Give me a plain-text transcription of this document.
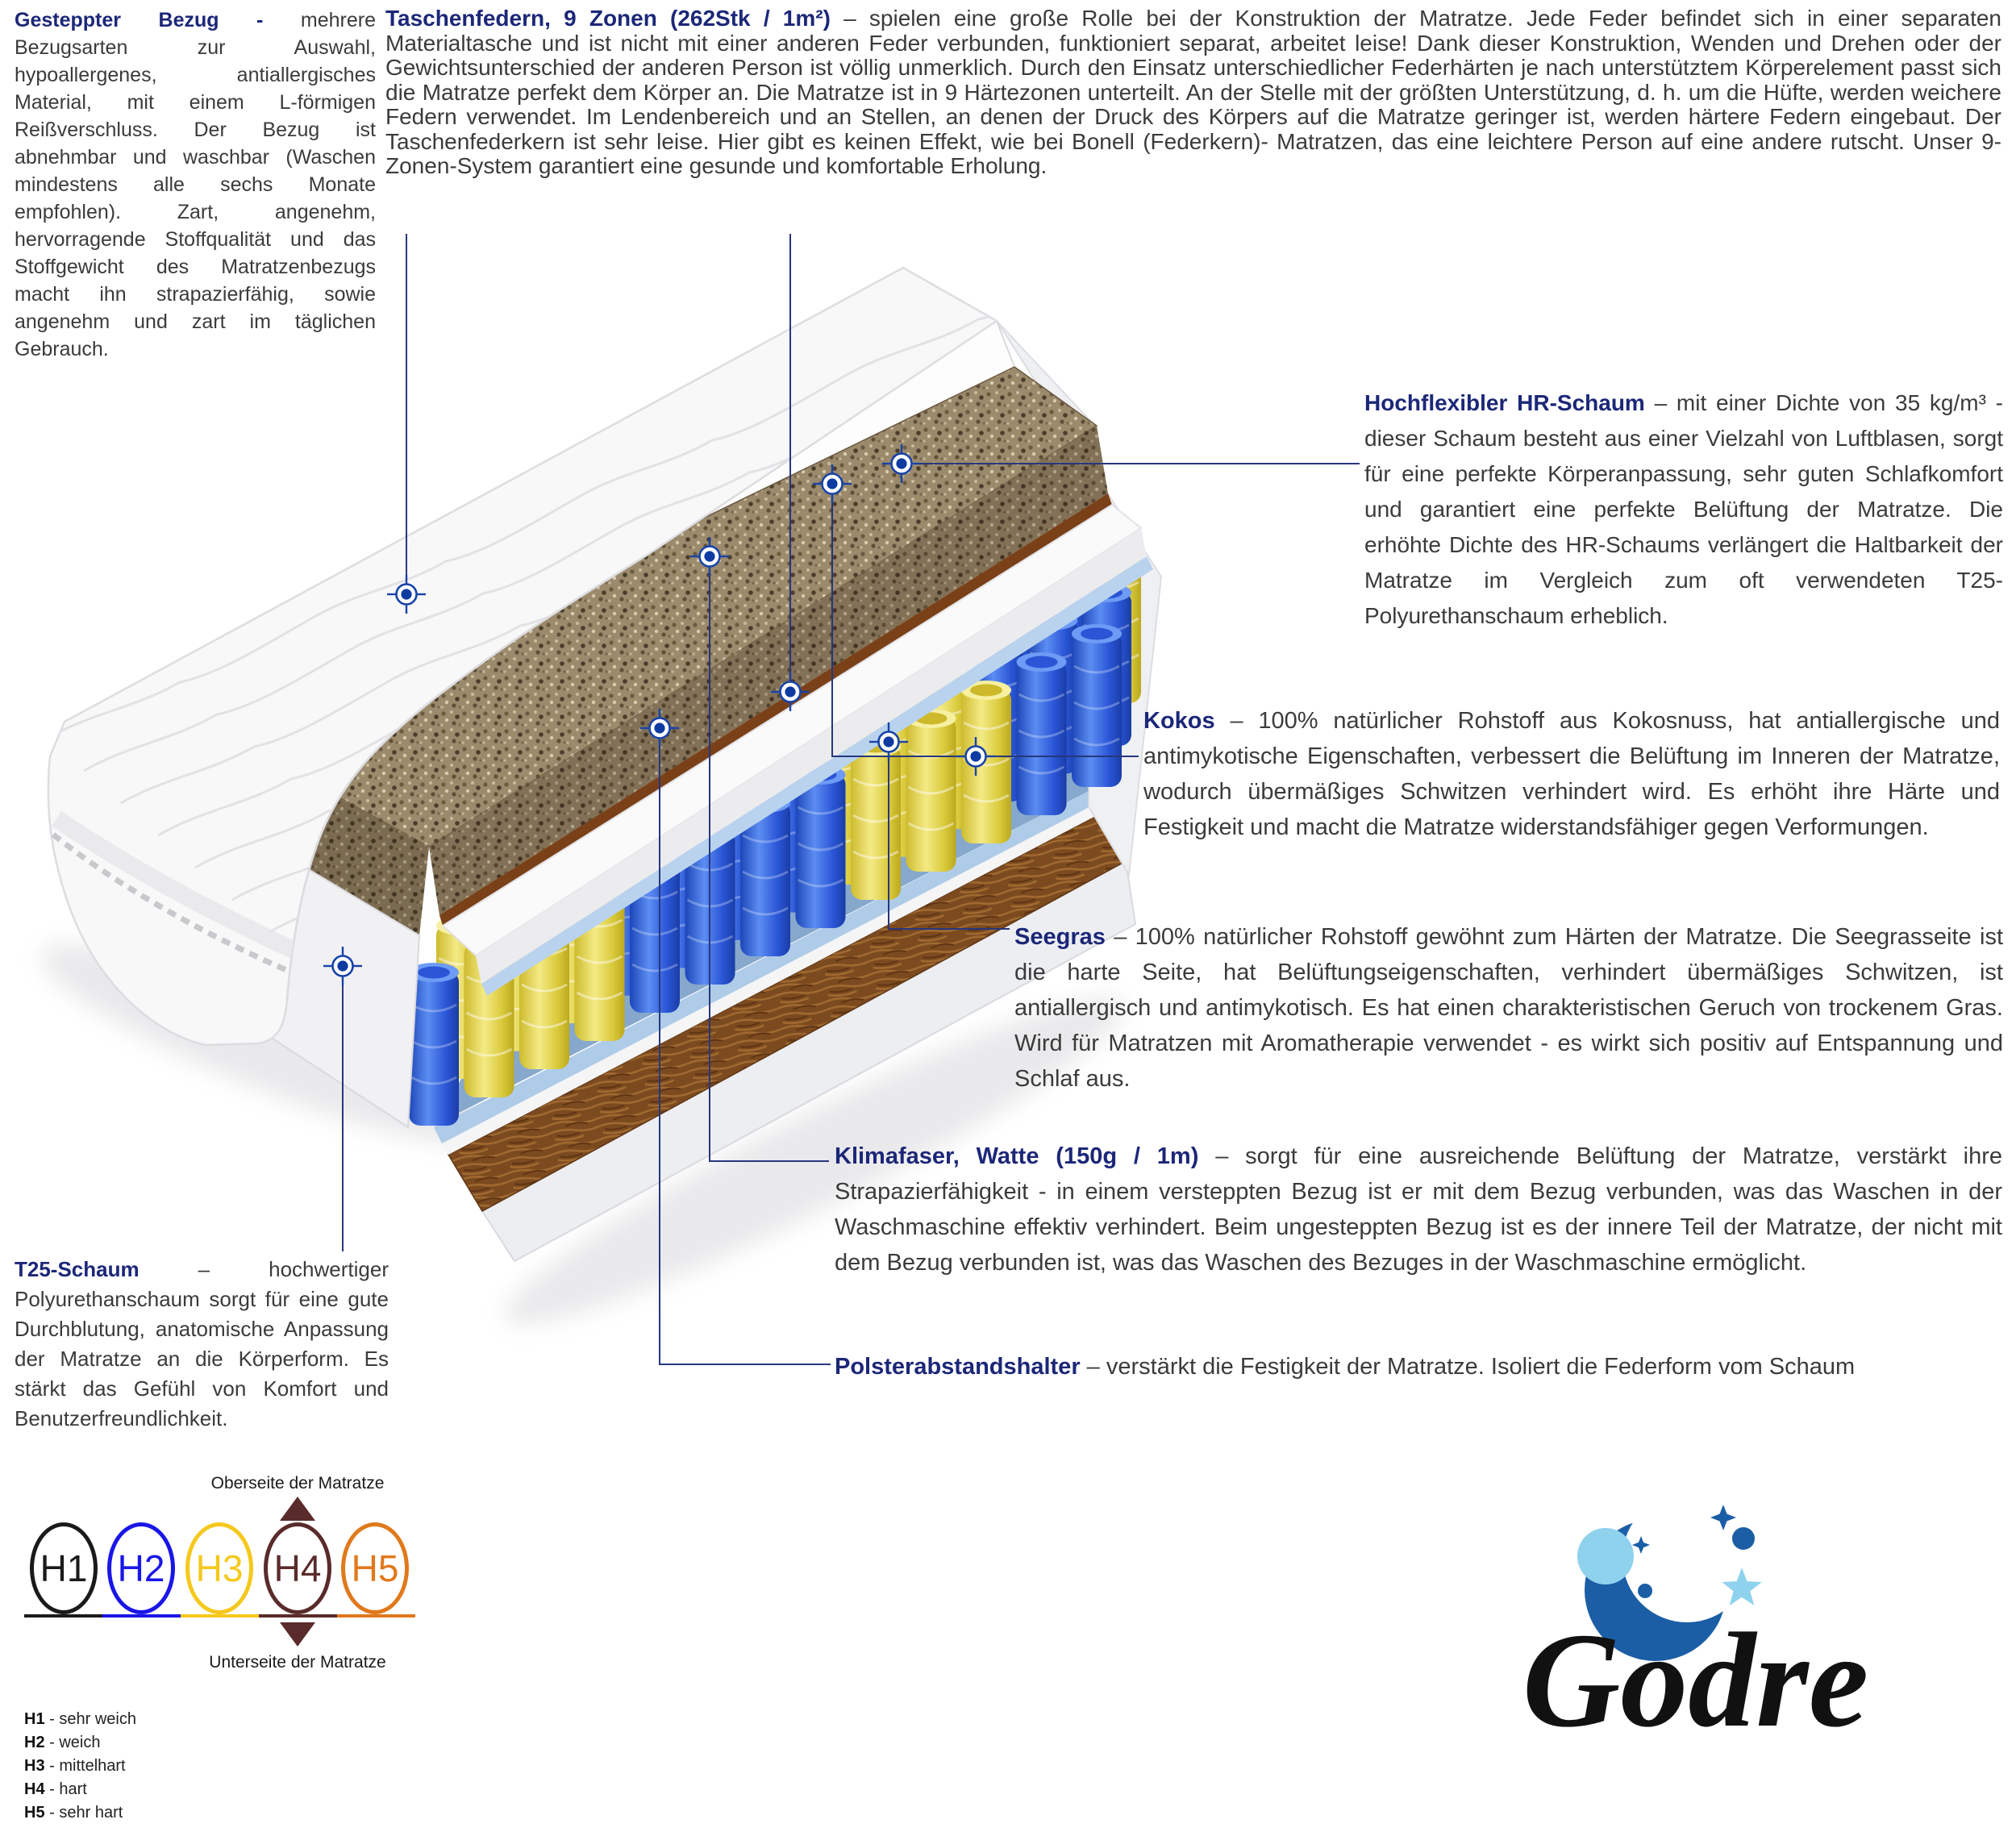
Godre
Gesteppter Bezug - mehrere Bezugsarten zur Auswahl, hypoallergenes, antiallergisches Material, mit einem L-förmigen Reißverschluss. Der Bezug ist abnehmbar und waschbar (Waschen mindestens alle sechs Monate empfohlen). Zart, angenehm, hervorragende Stoffqualität und das Stoffgewicht des Matratzenbezugs macht ihn strapazierfähig, sowie angenehm und zart im täglichen Gebrauch.
Taschenfedern, 9 Zonen (262Stk / 1m²) – spielen eine große Rolle bei der Konstruktion der Matratze. Jede Feder befindet sich in einer separaten Materialtasche und ist nicht mit einer anderen Feder verbunden, funktioniert separat, arbeitet leise! Dank dieser Konstruktion, Wenden und Drehen oder der Gewichtsunterschied der anderen Person ist völlig unmerklich. Durch den Einsatz unterschiedlicher Federhärten je nach unterstütztem Körperelement passt sich die Matratze perfekt dem Körper an. Die Matratze ist in 9 Härtezonen unterteilt. An der Stelle mit der größten Unterstützung, d. h. um die Hüfte, werden weichere Federn verwendet. Im Lendenbereich und an Stellen, an denen der Druck des Körpers auf die Matratze geringer ist, werden härtere Federn eingebaut. Der Taschenfederkern ist sehr leise. Hier gibt es keinen Effekt, wie bei Bonell (Federkern)- Matratzen, das eine leichtere Person auf eine andere rutscht. Unser 9-Zonen-System garantiert eine gesunde und komfortable Erholung.
Hochflexibler HR-Schaum – mit einer Dichte von 35 kg/m³ - dieser Schaum besteht aus einer Vielzahl von Luftblasen, sorgt für eine perfekte Körperanpassung, sehr guten Schlafkomfort und garantiert eine perfekte Belüftung der Matratze. Die erhöhte Dichte des HR-Schaums verlängert die Haltbarkeit der Matratze im Vergleich zum oft verwendeten T25-Polyurethanschaum erheblich.
Kokos – 100% natürlicher Rohstoff aus Kokosnuss, hat antiallergische und antimykotische Eigenschaften, verbessert die Belüftung im Inneren der Matratze, wodurch übermäßiges Schwitzen verhindert wird. Es erhöht ihre Härte und Festigkeit und macht die Matratze widerstandsfähiger gegen Verformungen.
Seegras – 100% natürlicher Rohstoff gewöhnt zum Härten der Matratze. Die Seegrasseite ist die harte Seite, hat Belüftungseigenschaften, verhindert übermäßiges Schwitzen, ist antiallergisch und antimykotisch. Es hat einen charakteristischen Geruch von trockenem Gras. Wird für Matratzen mit Aromatherapie verwendet - es wirkt sich positiv auf Entspannung und Schlaf aus.
Klimafaser, Watte (150g / 1m) – sorgt für eine ausreichende Belüftung der Matratze, verstärkt ihre Strapazierfähigkeit - in einem versteppten Bezug ist er mit dem Bezug verbunden, was das Waschen in der Waschmaschine effektiv verhindert. Beim ungesteppten Bezug ist es der innere Teil der Matratze, der nicht mit dem Bezug verbunden ist, was das Waschen des Bezuges in der Waschmaschine ermöglicht.
Polsterabstandshalter – verstärkt die Festigkeit der Matratze. Isoliert die Federform vom Schaum
T25-Schaum	– hochwertiger Polyurethanschaum sorgt für eine gute Durchblutung, anatomische Anpassung der Matratze an die Körperform. Es stärkt das Gefühl von Komfort und Benutzerfreundlichkeit.
Oberseite der Matratze
H1 H2 H3 H4 H5
Unterseite der Matratze
H1 - sehr weich
H2 - weich
H3 - mittelhart
H4 - hart
H5 - sehr hart
